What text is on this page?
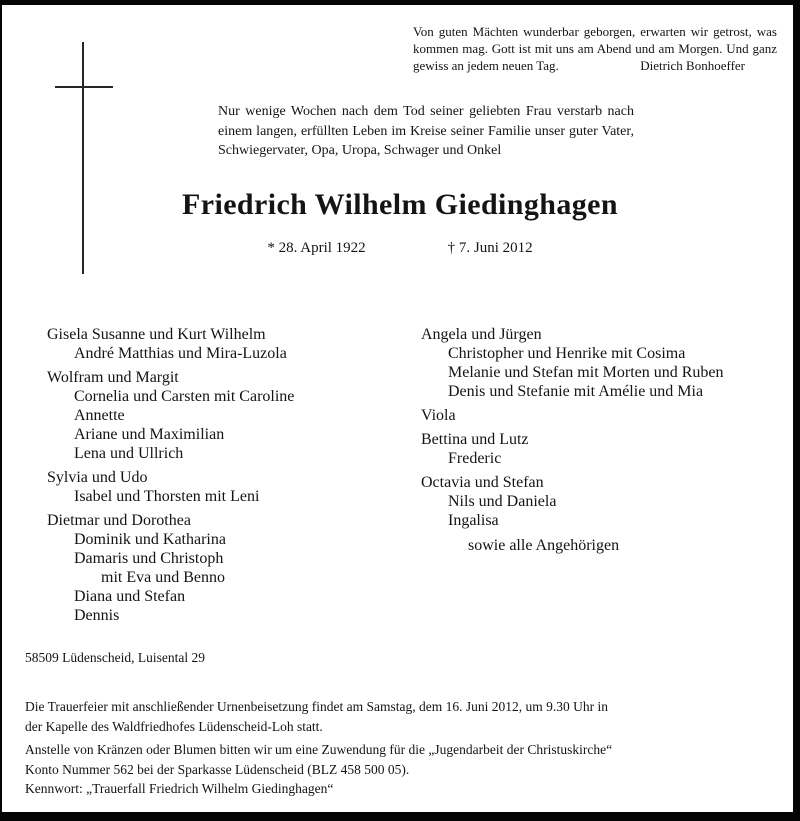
Von guten Mächten wunderbar geborgen, erwarten wir getrost, was kommen mag. Gott ist mit uns am Abend und am Morgen. Und ganz gewiss an jedem neuen Tag.	Dietrich Bonhoeffer

Nur wenige Wochen nach dem Tod seiner geliebten Frau verstarb nach einem langen, erfüllten Leben im Kreise seiner Familie unser guter Vater, Schwiegervater, Opa, Uropa, Schwager und Onkel

Friedrich Wilhelm Giedinghagen
* 28. April 1922	† 7. Juni 2012
Gisela Susanne und Kurt Wilhelm
André Matthias und Mira-Luzola
Wolfram und Margit
Cornelia und Carsten mit Caroline
Annette
Ariane und Maximilian
Lena und Ullrich
Sylvia und Udo
Isabel und Thorsten mit Leni
Dietmar und Dorothea
Dominik und Katharina
Damaris und Christoph
mit Eva und Benno
Diana und Stefan
Dennis
Angela und Jürgen
Christopher und Henrike mit Cosima
Melanie und Stefan mit Morten und Ruben
Denis und Stefanie mit Amélie und Mia
Viola
Bettina und Lutz
Frederic
Octavia und Stefan
Nils und Daniela
Ingalisa
sowie alle Angehörigen
58509 Lüdenscheid, Luisental 29

Die Trauerfeier mit anschließender Urnenbeisetzung findet am Samstag, dem 16. Juni 2012, um 9.30 Uhr in der Kapelle des Waldfriedhofes Lüdenscheid-Loh statt.

Anstelle von Kränzen oder Blumen bitten wir um eine Zuwendung für die „Jugendarbeit der Christuskirche“
Konto Nummer 562 bei der Sparkasse Lüdenscheid (BLZ 458 500 05).
Kennwort: „Trauerfall Friedrich Wilhelm Giedinghagen“
